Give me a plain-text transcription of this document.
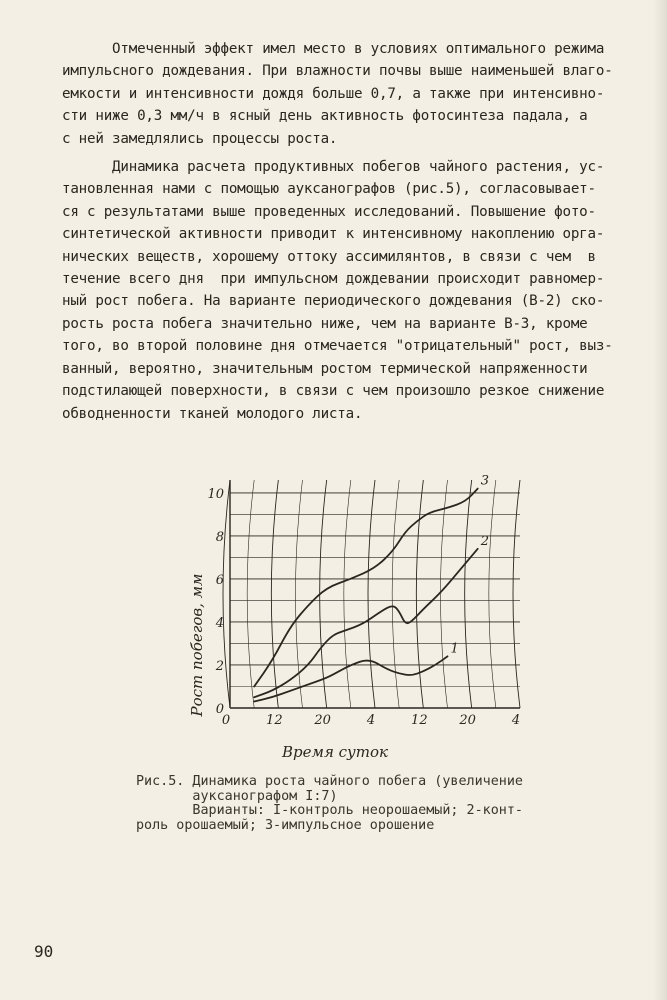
Отмеченный эффект имел место в условиях оптимального режима

импульсного дождевания. При влажности почвы выше наименьшей влаго-

емкости и интенсивности дождя больше 0,7, а также при интенсивно-

сти ниже 0,3 мм/ч в ясный день активность фотосинтеза падала, а

с ней замедлялись процессы роста.

Динамика расчета продуктивных побегов чайного растения, ус-

тановленная нами с помощью ауксанографов (рис.5), согласовывает-

ся с результатами выше проведенных исследований. Повышение фото-

синтетической активности приводит к интенсивному накоплению орга-

нических веществ, хорошему оттоку ассимилянтов, в связи с чем  в

течение всего дня  при импульсном дождевании происходит равномер-

ный рост побега. На варианте периодического дождевания (В-2) ско-

рость роста побега значительно ниже, чем на варианте В-3, кроме

того, во второй половине дня отмечается "отрицательный" рост, выз-

ванный, вероятно, значительным ростом термической напряженности

подстилающей поверхности, в связи с чем произошло резкое снижение

обводненности тканей молодого листа.

Рост побегов, мм
Время суток
0
2
4
6
8
10
0	12 20	4	12 20	4
1
2
3
Рис.5. Динамика роста чайного побега (увеличение
ауксанографом I:7)
Варианты: I-контроль неорошаемый; 2-конт-
роль орошаемый; 3-импульсное орошение
90
